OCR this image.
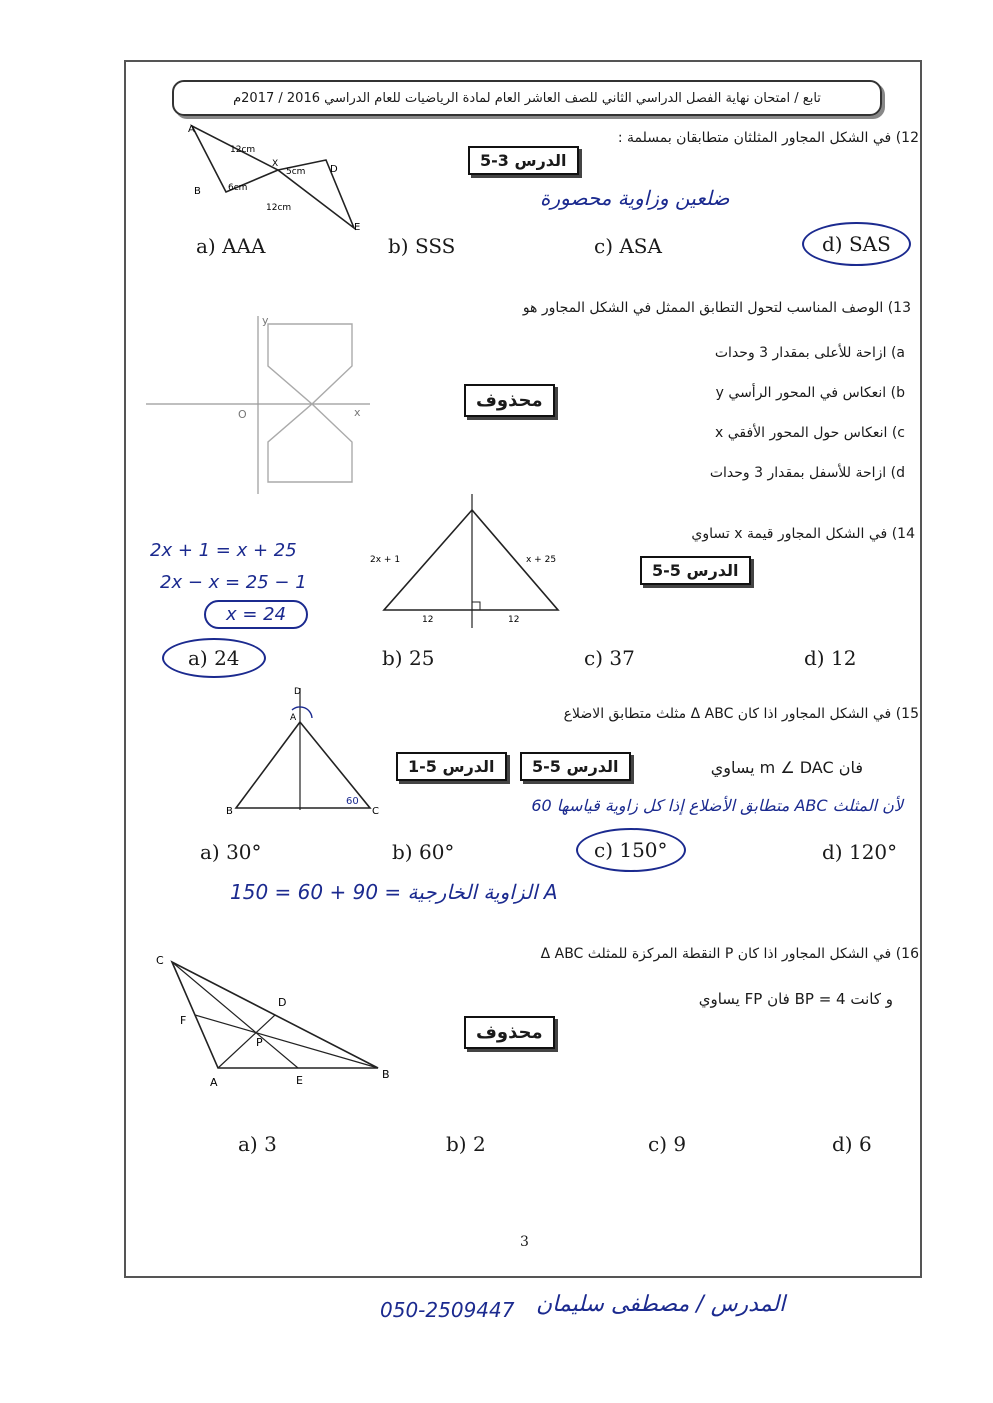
تابع / امتحان نهاية الفصل الدراسي الثاني للصف العاشر العام لمادة الرياضيات للعام الدراسي 2016 / 2017م
12) في الشكل المجاور المثلثان متطابقان بمسلمة :
الدرس 3-5
ضلعين وزاوية محصورة
A
B
D
E
X
12cm
12cm
6cm
5cm
a) AAA	b) SSS	c) ASA	d) SAS
13) الوصف المناسب لتحول التطابق الممثل في الشكل المجاور هو
O	x
y
محذوف
a) ازاحة للأعلى بمقدار 3 وحدات
b) انعكاس في المحور الرأسي y
c) انعكاس حول المحور الأفقي x
d) ازاحة للأسفل بمقدار 3 وحدات
14) في الشكل المجاور قيمة x تساوي
الدرس 5-5
2x + 1	x + 25
12	12
2x + 1 = x + 25
2x − x = 25 − 1
x = 24
a) 24	b) 25	c) 37	d) 12
15) في الشكل المجاور اذا كان Δ ABC مثلث متطابق الاضلاع
فان m ∠ DAC يساوي
الدرس 5-5
الدرس 5-1
B	C
A
D
60	لأن المثلث ABC متطابق الأضلاع إذا كل زاوية قياسها 60
a) 30°	b) 60°	c) 150°	d) 120°
A الزاوية الخارجية = 90 + 60 = 150
16) في الشكل المجاور اذا كان P النقطة المركزة للمثلث Δ ABC
و كانت BP = 4 فان FP يساوي
محذوف
C
A
B
D
E
F
P
a) 3	b) 2	c) 9	d) 6
3
المدرس / مصطفى سليمان
050-2509447
